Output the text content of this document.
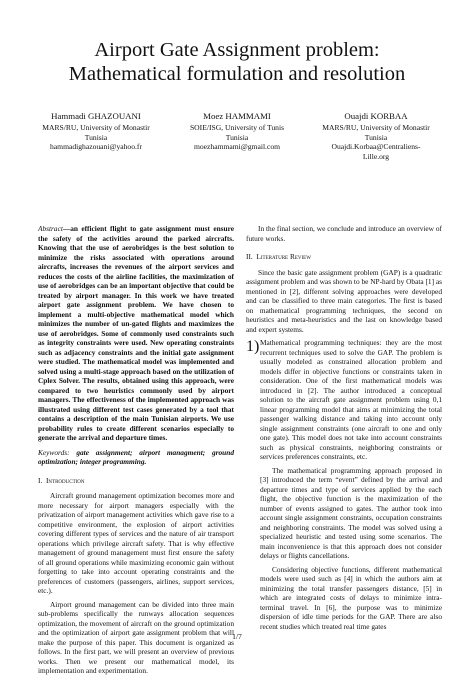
Airport Gate Assignment problem:
Mathematical formulation and resolution
Hammadi GHAZOUANI
MARS/RU, University of Monastir
Tunisia
hammadighazouani@yahoo.fr
Moez HAMMAMI
SOIE/ISG, University of Tunis
Tunisia
moezhammami@gmail.com
Ouajdi KORBAA
MARS/RU, University of Monastir
Tunisia
Ouajdi.Korbaa@Centraliens-
Lille.org

Abstract—an efficient flight to gate assignment must ensure the safety of the activities around the parked aircrafts. Knowing that the use of aerobridges is the best solution to minimize the risks associated with operations around aircrafts, increases the revenues of the airport services and reduces the costs of the airline facilities, the maximization of use of aerobridges can be an important objective that could be treated by airport manager. In this work we have treated airport gate assignment problem. We have chosen to implement a multi-objective mathematical model which minimizes the number of un-gated flights and maximizes the use of aerobridges. Some of commonly used constraints such as integrity constraints were used. New operating constraints such as adjacency constraints and the initial gate assignment were studied. The mathematical model was implemented and solved using a multi-stage approach based on the utilization of Cplex Solver. The results, obtained using this approach, were compared to two heuristics commonly used by airport managers. The effectiveness of the implemented approach was illustrated using different test cases generated by a tool that contains a description of the main Tunisian airports. We use probability rules to create different scenarios especially to generate the arrival and departure times.

Keywords: gate assignment; airport managment; ground optimization; integer programming.

I. Introduction

Aircraft ground management optimization becomes more and more necessary for airport managers especially with the privatization of airport management activities which gave rise to a competitive environment, the explosion of airport activities covering different types of services and the nature of air transport operations which privilege aircraft safety. That is why effective management of ground management must first ensure the safety of all ground operations while maximizing economic gain without forgetting to take into account operating constraints and the preferences of customers (passengers, airlines, support services, etc.).

Airport ground management can be divided into three main sub-problems specifically the runways allocation sequences optimization, the movement of aircraft on the ground optimization and the optimization of airport gate assignment problem that will make the purpose of this paper. This document is organized as follows. In the first part, we will present an overview of previous works. Then we present our mathematical model, its implementation and experimentation.

In the final section, we conclude and introduce an overview of future works.

II. Literature Review

Since the basic gate assignment problem (GAP) is a quadratic assignment problem and was shown to be NP-hard by Obata [1] as mentioned in [2], different solving approaches were developed and can be classified to three main categories. The first is based on mathematical programming techniques, the second on heuristics and meta-heuristics and the last on knowledge based and expert systems.

1) Mathematical programming techniques: they are the most recurrent techniques used to solve the GAP. The problem is usually modeled as constrained allocation problem and models differ in objective functions or constraints taken in consideration. One of the first mathematical models was introduced in [2]. The author introduced a conceptual solution to the aircraft gate assignment problem using 0,1 linear programming model that aims at minimizing the total passenger walking distance and taking into account only single assignment constraints (one aircraft to one and only one gate). This model does not take into account constraints such as physical constraints, neighboring constraints or services preferences constraints, etc.

The mathematical programming approach proposed in [3] introduced the term “event” defined by the arrival and departure times and type of services applied by the each flight, the objective function is the maximization of the number of events assigned to gates. The author took into account single assignment constraints, occupation constraints and neighboring constraints. The model was solved using a specialized heuristic and tested using some scenarios. The main inconvenience is that this approach does not consider delays or flights cancellations.

Considering objective functions, different mathematical models were used such as [4] in which the authors aim at minimizing the total transfer passengers distance, [5] in which are integrated costs of delays to minimize intra-terminal travel. In [6], the purpose was to minimize dispersion of idle time periods for the GAP. There are also recent studies which treated real time gates

1/7
